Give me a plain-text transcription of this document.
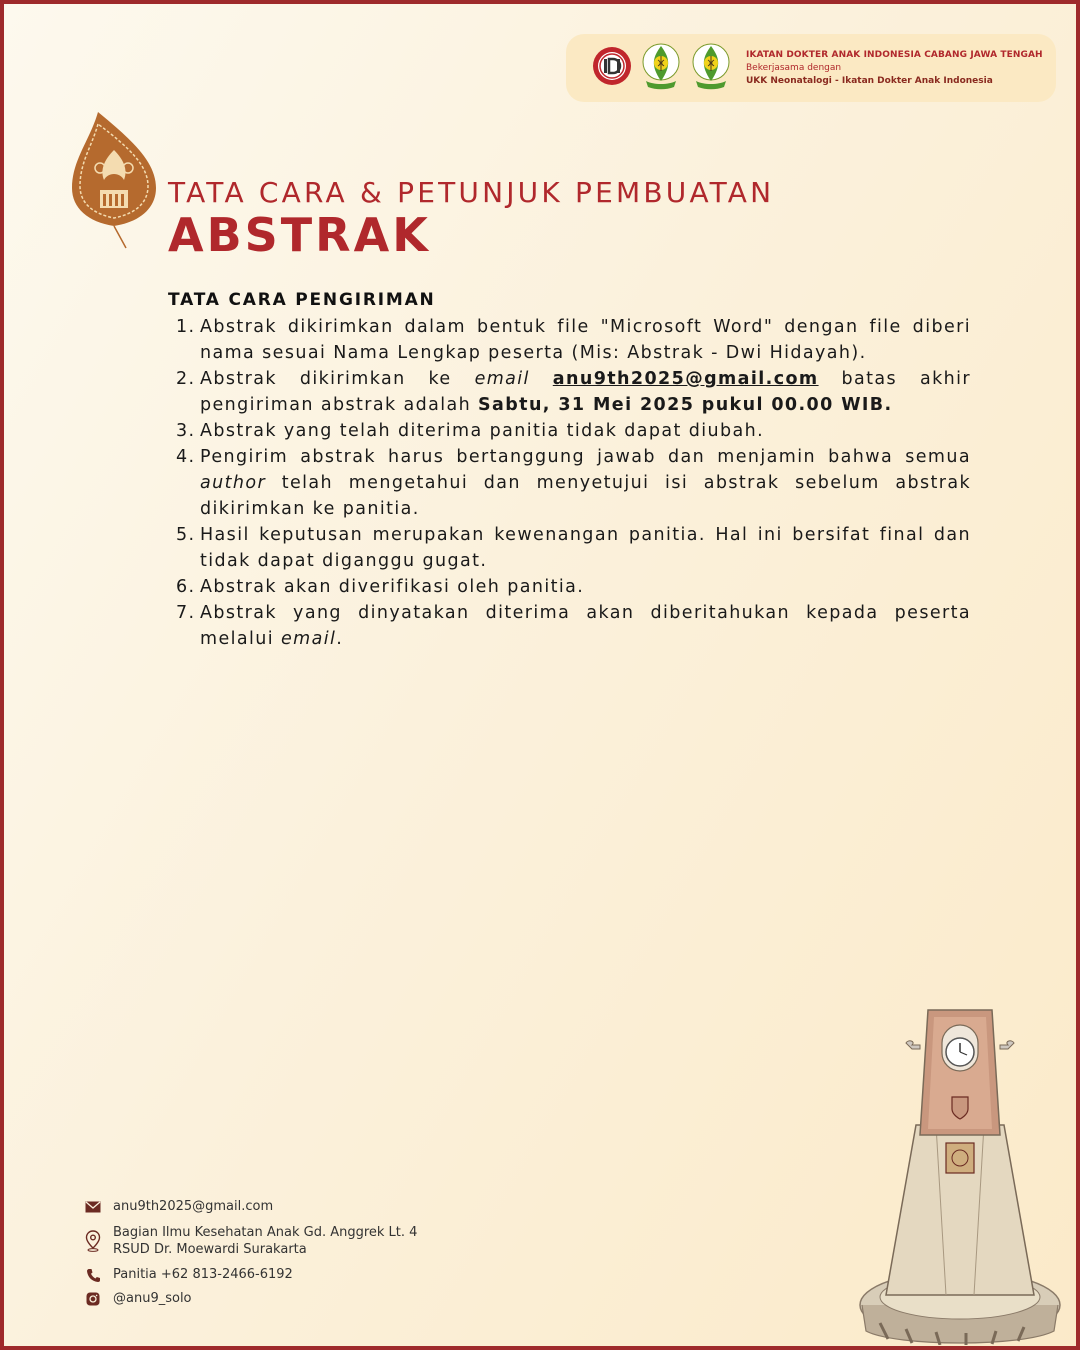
IKATAN DOKTER ANAK INDONESIA CABANG JAWA TENGAH
Bekerjasama dengan
UKK Neonatalogi - Ikatan Dokter Anak Indonesia
TATA CARA & PETUNJUK PEMBUATAN
ABSTRAK
TATA CARA PENGIRIMAN
1. Abstrak dikirimkan dalam bentuk file "Microsoft Word" dengan file diberi nama sesuai Nama Lengkap peserta (Mis: Abstrak - Dwi Hidayah).
2. Abstrak dikirimkan ke email anu9th2025@gmail.com batas akhir pengiriman abstrak adalah Sabtu, 31 Mei 2025 pukul 00.00 WIB.
3. Abstrak yang telah diterima panitia tidak dapat diubah.
4. Pengirim abstrak harus bertanggung jawab dan menjamin bahwa semua author telah mengetahui dan menyetujui isi abstrak sebelum abstrak dikirimkan ke panitia.
5. Hasil keputusan merupakan kewenangan panitia. Hal ini bersifat final dan tidak dapat diganggu gugat.
6. Abstrak akan diverifikasi oleh panitia.
7. Abstrak yang dinyatakan diterima akan diberitahukan kepada peserta melalui email.
anu9th2025@gmail.com
Bagian Ilmu Kesehatan Anak Gd. Anggrek Lt. 4
RSUD Dr. Moewardi Surakarta
Panitia +62 813-2466-6192
@anu9_solo
